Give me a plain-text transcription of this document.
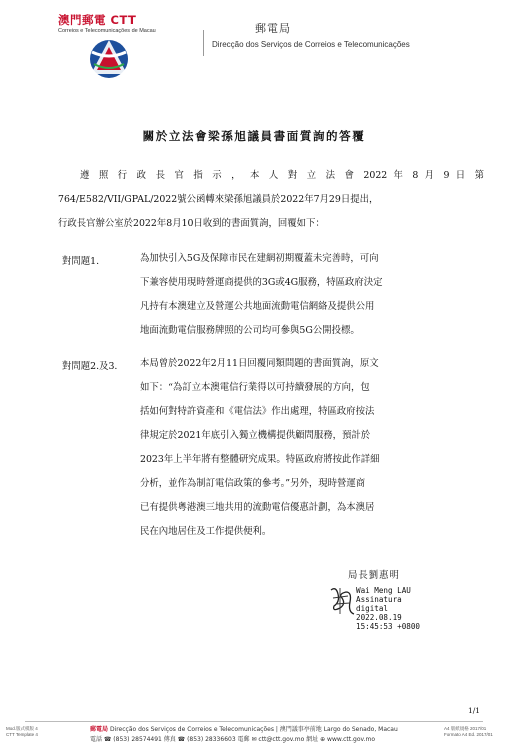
澳門郵電 CTT
Correios e Telecomunicações de Macau	郵電局
Direcção dos Serviços de Correios e Telecomunicações
關於立法會梁孫旭議員書面質詢的答覆
遵 照 行 政 長 官 指 示 ， 本 人 對 立 法 會 2022 年 8 月 9 日 第
764/E582/VII/GPAL/2022號公函轉來梁孫旭議員於2022年7月29日提出，
行政長官辦公室於2022年8月10日收到的書面質詢，回覆如下：
對問題1.	為加快引入5G及保障市民在建網初期覆蓋未完善時，可向
下兼容使用現時營運商提供的3G或4G服務，特區政府決定
凡持有本澳建立及營運公共地面流動電信網絡及提供公用
地面流動電信服務牌照的公司均可參與5G公開投標。
對問題2.及3. 本局曾於2022年2月11日回覆同類問題的書面質詢，原文
如下：“為訂立本澳電信行業得以可持續發展的方向，包
括如何對特許資產和《電信法》作出處理，特區政府按法
律規定於2021年底引入獨立機構提供顧問服務，預計於
2023年上半年將有整體研究成果。特區政府將按此作詳細
分析，並作為制訂電信政策的參考。”另外，現時營運商
已有提供粵港澳三地共用的流動電信優惠計劃，為本澳居
民在內地居住及工作提供便利。
局長劉惠明
Wai Meng LAU
Assinatura
digital
2022.08.19
15:45:53 +0800
1/1
Mod.版式模版 4
CTT Template 4
郵電局 Direcção dos Serviços de Correios e Telecomunicações | 澳門議事亭前地 Largo do Senado, Macau
電話 ☎ (853) 28574491 傳真 ☎ (853) 28336603 電郵 ✉ ctt@ctt.gov.mo 網址 ⊕ www.ctt.gov.mo
A4 版紙規格 2017/01
Formato A4 Ed. 2017/01
